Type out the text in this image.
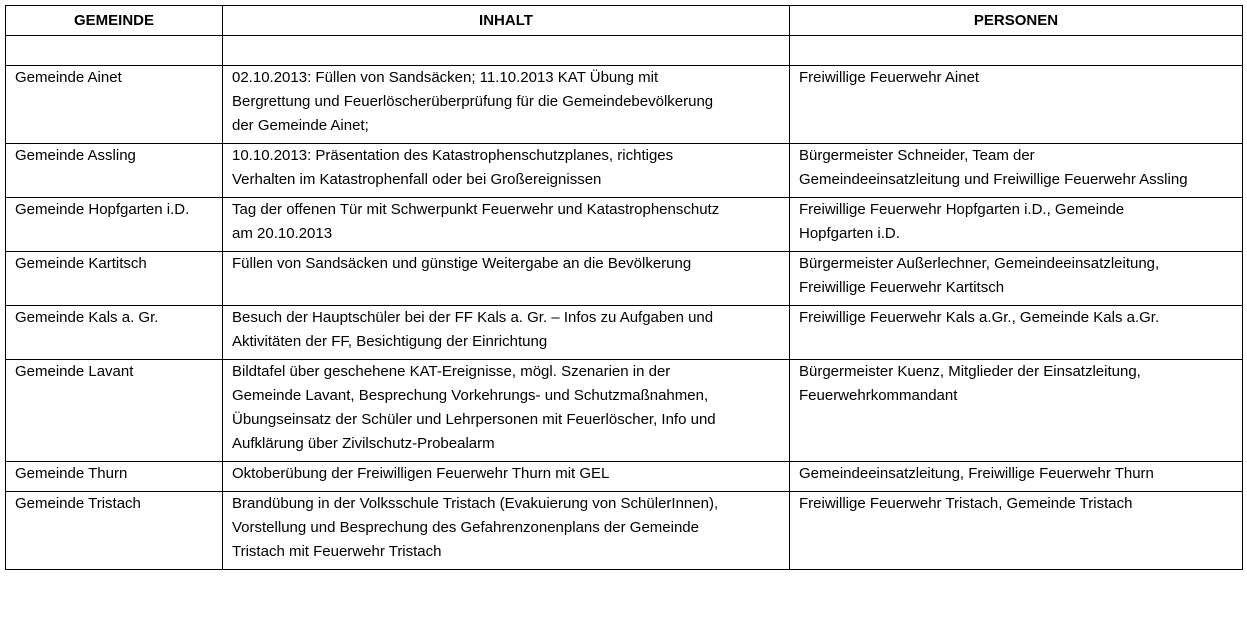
GEMEINDE	INHALT	PERSONEN

Gemeinde Ainet	02.10.2013: Füllen von Sandsäcken; 11.10.2013 KAT Übung mit
Bergrettung und Feuerlöscherüberprüfung für die Gemeindebevölkerung
der Gemeinde Ainet;	Freiwillige Feuerwehr Ainet
Gemeinde Assling	10.10.2013: Präsentation des Katastrophenschutzplanes, richtiges
Verhalten im Katastrophenfall oder bei Großereignissen	Bürgermeister Schneider, Team der
Gemeindeeinsatzleitung und Freiwillige Feuerwehr Assling
Gemeinde Hopfgarten i.D.	Tag der offenen Tür mit Schwerpunkt Feuerwehr und Katastrophenschutz
am 20.10.2013	Freiwillige Feuerwehr Hopfgarten i.D., Gemeinde
Hopfgarten i.D.
Gemeinde Kartitsch	Füllen von Sandsäcken und günstige Weitergabe an die Bevölkerung	Bürgermeister Außerlechner, Gemeindeeinsatzleitung,
Freiwillige Feuerwehr Kartitsch
Gemeinde Kals a. Gr.	Besuch der Hauptschüler bei der FF Kals a. Gr. – Infos zu Aufgaben und
Aktivitäten der FF, Besichtigung der Einrichtung	Freiwillige Feuerwehr Kals a.Gr., Gemeinde Kals a.Gr.
Gemeinde Lavant	Bildtafel über geschehene KAT-Ereignisse, mögl. Szenarien in der
Gemeinde Lavant, Besprechung Vorkehrungs- und Schutzmaßnahmen,
Übungseinsatz der Schüler und Lehrpersonen mit Feuerlöscher, Info und
Aufklärung über Zivilschutz-Probealarm	Bürgermeister Kuenz, Mitglieder der Einsatzleitung,
Feuerwehrkommandant
Gemeinde Thurn	Oktoberübung der Freiwilligen Feuerwehr Thurn mit GEL	Gemeindeeinsatzleitung, Freiwillige Feuerwehr Thurn
Gemeinde Tristach	Brandübung in der Volksschule Tristach (Evakuierung von SchülerInnen),
Vorstellung und Besprechung des Gefahrenzonenplans der Gemeinde
Tristach mit Feuerwehr Tristach	Freiwillige Feuerwehr Tristach, Gemeinde Tristach
